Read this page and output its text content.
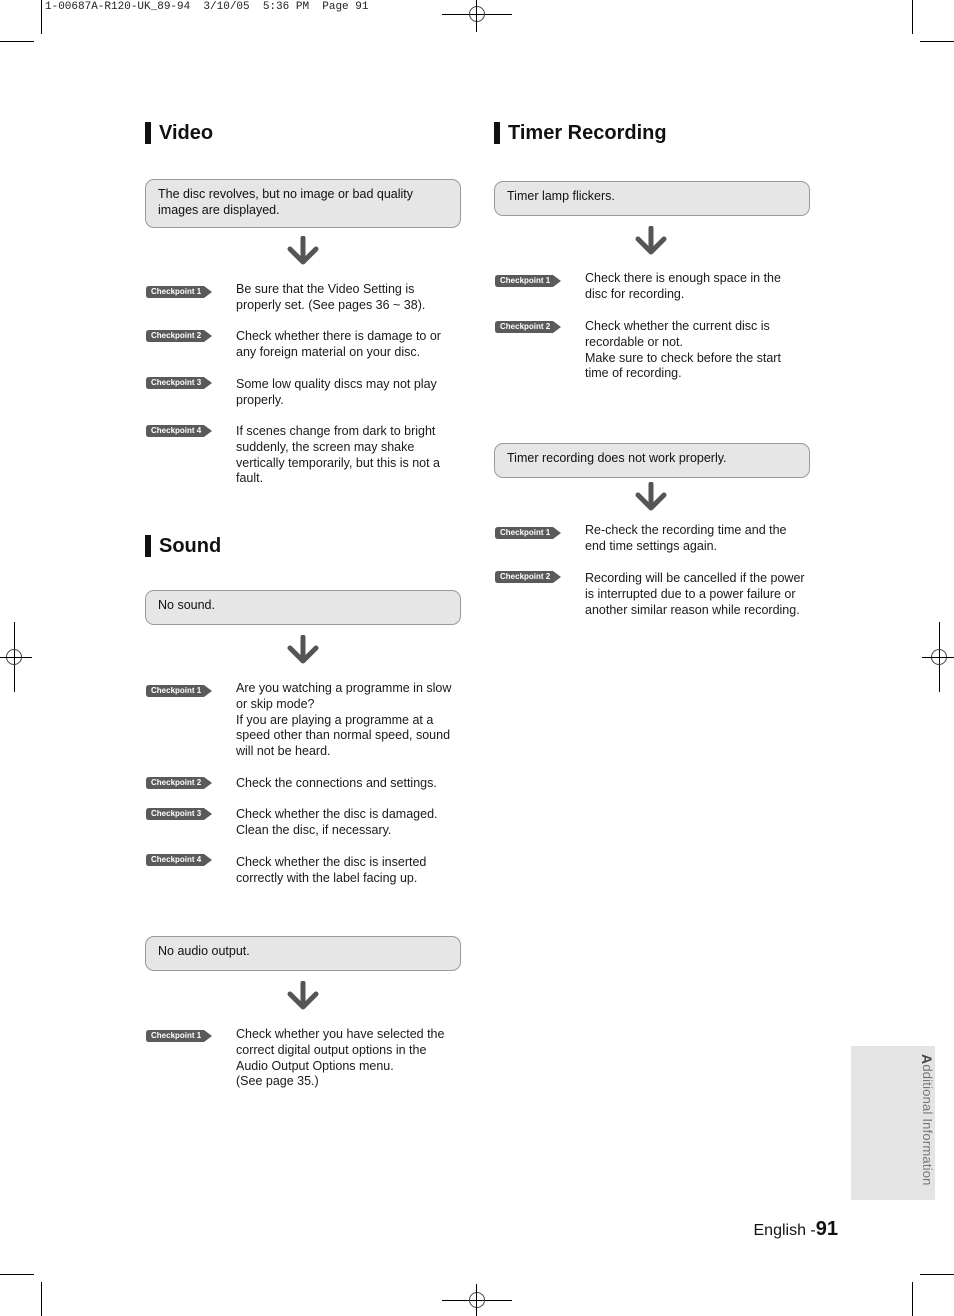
1-00687A-R120-UK_89-94  3/10/05  5:36 PM  Page 91
Video
The disc revolves, but no image or bad quality images are displayed.
Checkpoint 1	Be sure that the Video Setting is
properly set. (See pages 36 ~ 38).
Checkpoint 2	Check whether there is damage to or
any foreign material on your disc.
Checkpoint 3	Some low quality discs may not play
properly.
Checkpoint 4	If scenes change from dark to bright
suddenly, the screen may shake
vertically temporarily, but this is not a
fault.
Sound
No sound.
Checkpoint 1	Are you watching a programme in slow
or skip mode?
If you are playing a programme at a
speed other than normal speed, sound
will not be heard.
Checkpoint 2	Check the connections and settings.
Checkpoint 3	Check whether the disc is damaged.
Clean the disc, if necessary.
Checkpoint 4	Check whether the disc is inserted
correctly with the label facing up.
No audio output.
Checkpoint 1	Check whether you have selected the
correct digital output options in the
Audio Output Options menu.
(See page 35.)
Timer Recording
Timer lamp flickers.
Checkpoint 1	Check there is enough space in the
disc for recording.
Checkpoint 2	Check whether the current disc is
recordable or not.
Make sure to check before the start
time of recording.
Timer recording does not work properly.
Checkpoint 1	Re-check the recording time and the
end time settings again.
Checkpoint 2	Recording will be cancelled if the power
is interrupted due to a power failure or
another similar reason while recording.
Additional Information
English -91
